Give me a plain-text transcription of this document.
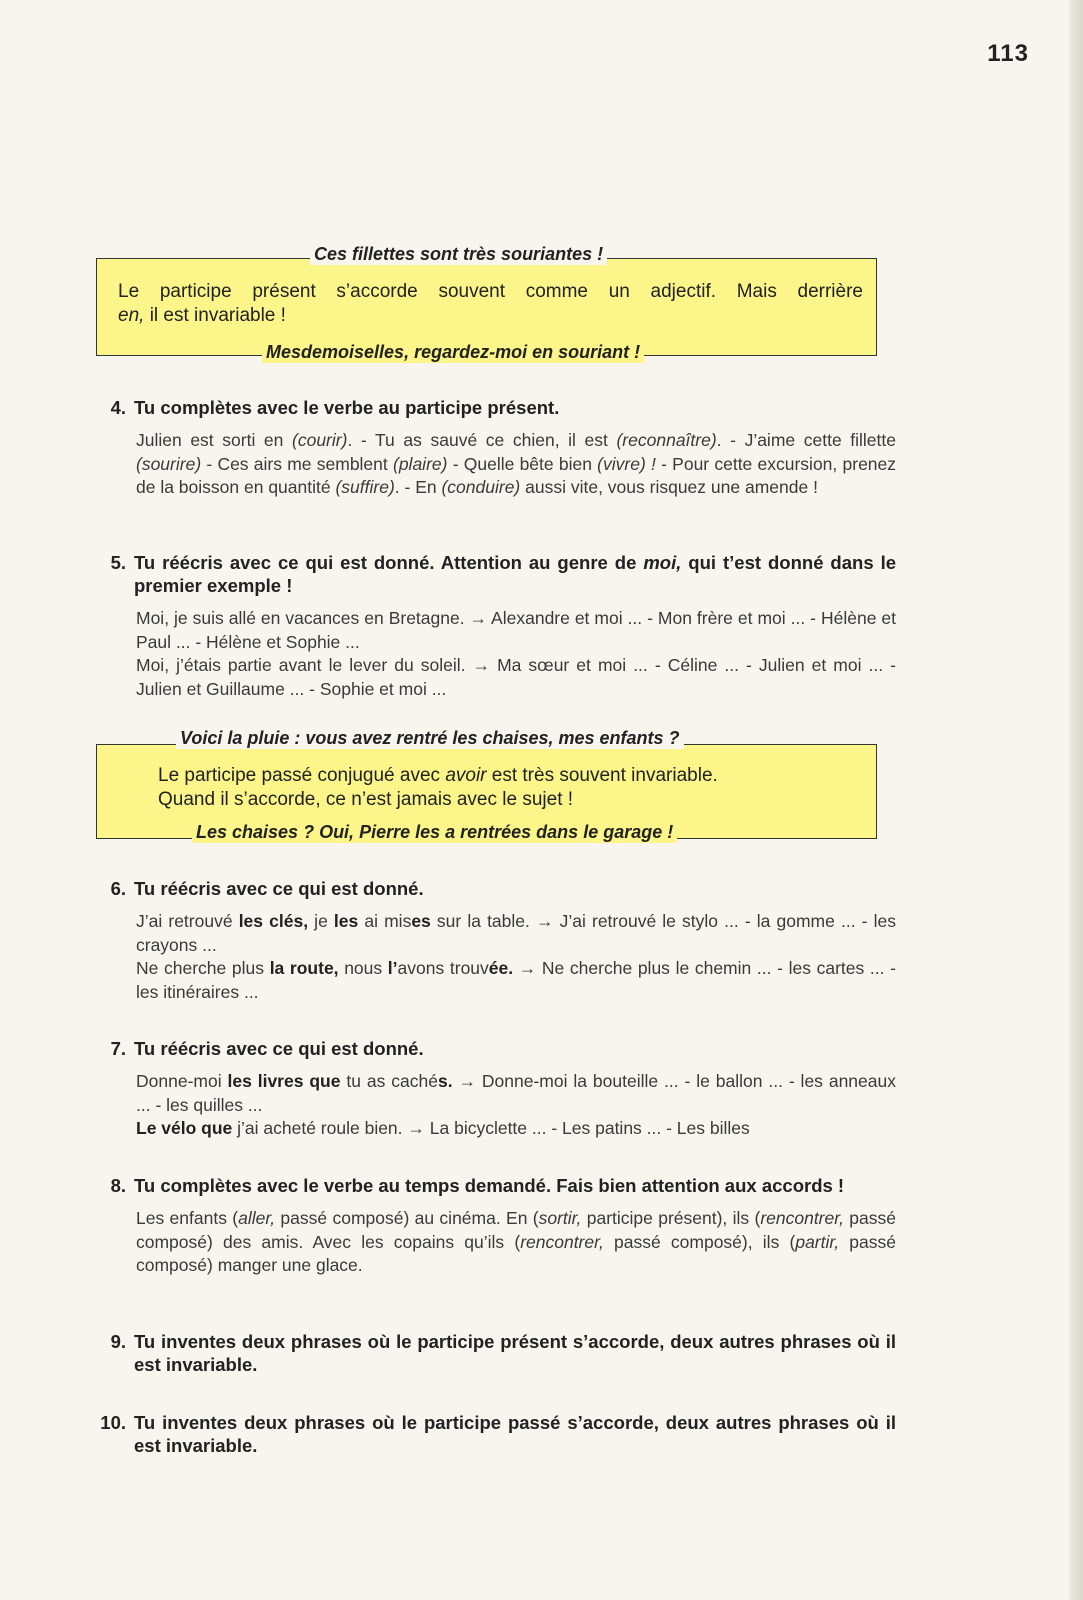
113
Ces fillettes sont très souriantes !
Le participe présent s’accorde souvent comme un adjectif. Mais derrière
en, il est invariable !
Mesdemoiselles, regardez-moi en souriant !
4. Tu complètes avec le verbe au participe présent.

Julien est sorti en (courir). - Tu as sauvé ce chien, il est (reconnaître). - J’aime cette fillette (sourire) - Ces airs me semblent (plaire) - Quelle bête bien (vivre) ! - Pour cette excursion, prenez de la boisson en quantité (suffire). - En (conduire) aussi vite, vous risquez une amende !

5. Tu réécris avec ce qui est donné. Attention au genre de moi, qui t’est donné dans le premier exemple !

Moi, je suis allé en vacances en Bretagne. → Alexandre et moi ... - Mon frère et moi ... - Hélène et Paul ... - Hélène et Sophie ...

Moi, j’étais partie avant le lever du soleil. → Ma sœur et moi ... - Céline ... - Julien et moi ... - Julien et Guillaume ... - Sophie et moi ...

Voici la pluie : vous avez rentré les chaises, mes enfants ?
Le participe passé conjugué avec avoir est très souvent invariable.
Quand il s’accorde, ce n’est jamais avec le sujet !
Les chaises ? Oui, Pierre les a rentrées dans le garage !
6. Tu réécris avec ce qui est donné.

J’ai retrouvé les clés, je les ai mises sur la table. → J’ai retrouvé le stylo ... - la gomme ... - les crayons ...

Ne cherche plus la route, nous l’avons trouvée. → Ne cherche plus le chemin ... - les cartes ... - les itinéraires ...

7. Tu réécris avec ce qui est donné.

Donne-moi les livres que tu as cachés. → Donne-moi la bouteille ... - le ballon ... - les anneaux ... - les quilles ...

Le vélo que j’ai acheté roule bien. → La bicyclette ... - Les patins ... - Les billes

8. Tu complètes avec le verbe au temps demandé. Fais bien attention aux accords !

Les enfants (aller, passé composé) au cinéma. En (sortir, participe présent), ils (rencontrer, passé composé) des amis. Avec les copains qu’ils (rencontrer, passé composé), ils (partir, passé composé) manger une glace.

9. Tu inventes deux phrases où le participe présent s’accorde, deux autres phrases où il est invariable.
10. Tu inventes deux phrases où le participe passé s’accorde, deux autres phrases où il est invariable.
